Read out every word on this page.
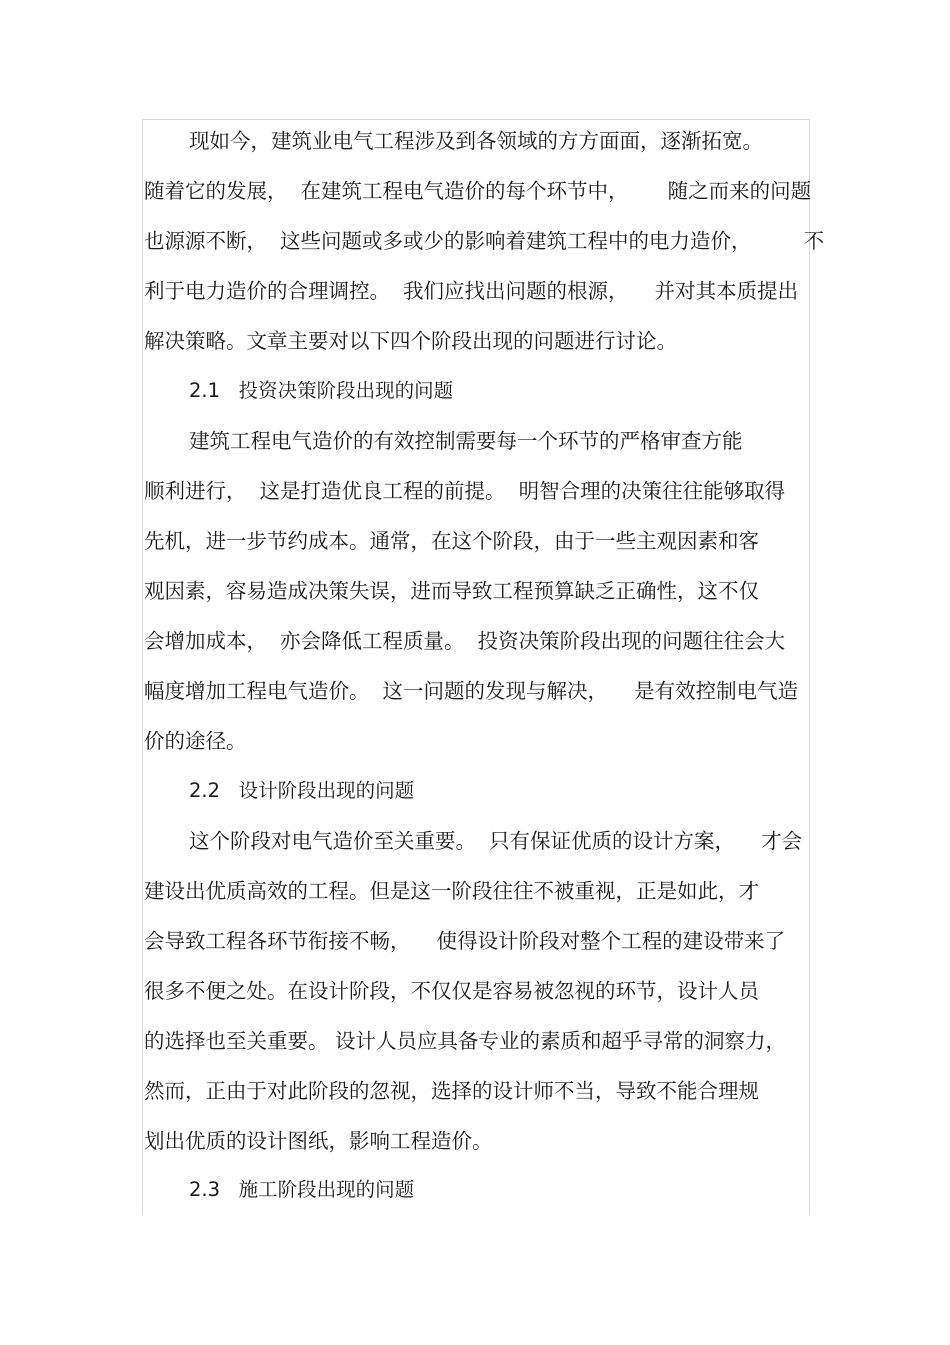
现如今，建筑业电气工程涉及到各领域的方方面面，逐渐拓宽。
随着它的发展，  在建筑工程电气造价的每个环节中，      随之而来的问题
也源源不断，  这些问题或多或少的影响着建筑工程中的电力造价，        不
利于电力造价的合理调控。  我们应找出问题的根源，    并对其本质提出
解决策略。文章主要对以下四个阶段出现的问题进行讨论。
2.1   投资决策阶段出现的问题
建筑工程电气造价的有效控制需要每一个环节的严格审查方能
顺利进行，  这是打造优良工程的前提。  明智合理的决策往往能够取得
先机，进一步节约成本。通常，在这个阶段，由于一些主观因素和客
观因素，容易造成决策失误，进而导致工程预算缺乏正确性，这不仅
会增加成本，  亦会降低工程质量。  投资决策阶段出现的问题往往会大
幅度增加工程电气造价。  这一问题的发现与解决，    是有效控制电气造
价的途径。
2.2   设计阶段出现的问题
这个阶段对电气造价至关重要。  只有保证优质的设计方案，    才会
建设出优质高效的工程。但是这一阶段往往不被重视，正是如此，才
会导致工程各环节衔接不畅，    使得设计阶段对整个工程的建设带来了
很多不便之处。在设计阶段，不仅仅是容易被忽视的环节，设计人员
的选择也至关重要。 设计人员应具备专业的素质和超乎寻常的洞察力，
然而，正由于对此阶段的忽视，选择的设计师不当，导致不能合理规
划出优质的设计图纸，影响工程造价。
2.3   施工阶段出现的问题
